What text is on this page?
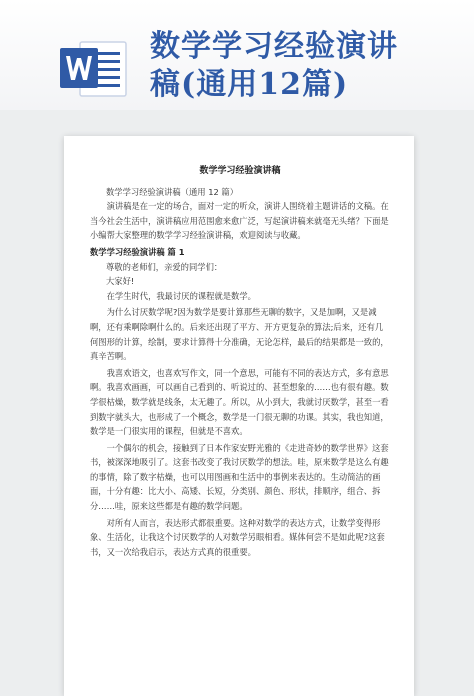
数学学习经验演讲
稿(通用12篇)
数学学习经验演讲稿

数学学习经验演讲稿（通用 12 篇）

演讲稿是在一定的场合，面对一定的听众，演讲人围绕着主题讲话的文稿。在当今社会生活中，演讲稿应用范围愈来愈广泛，写起演讲稿来就毫无头绪？下面是小编帮大家整理的数学学习经验演讲稿，欢迎阅读与收藏。

数学学习经验演讲稿 篇 1

尊敬的老师们，亲爱的同学们：

大家好!

在学生时代，我最讨厌的课程就是数学。

为什么讨厌数学呢?因为数学是要计算那些无聊的数字，又是加啊，又是减啊，还有乘啊除啊什么的。后来还出现了平方、开方更复杂的算法;后来，还有几何图形的计算，绘制，要求计算得十分准确，无论怎样，最后的结果都是一致的，真辛苦啊。

我喜欢语文，也喜欢写作文，同一个意思，可能有不同的表达方式，多有意思啊。我喜欢画画，可以画自己看到的、听说过的、甚至想象的……也有很有趣。数学很枯燥，数学就是线条，太无趣了。所以，从小到大，我就讨厌数学，甚至一看到数字就头大，也形成了一个概念，数学是一门很无聊的功课。其实，我也知道，数学是一门很实用的课程，但就是不喜欢。

一个偶尔的机会，接触到了日本作家安野光雅的《走进奇妙的数学世界》这套书，被深深地吸引了。这套书改变了我讨厌数学的想法。哇，原来数学是这么有趣的事情，除了数字枯燥，也可以用图画和生活中的事例来表达的。生动简洁的画面，十分有趣：比大小、高矮、长短，分类别、颜色、形状，排顺序，组合、拆分……哇，原来这些都是有趣的数学问题。

对所有人而言，表达形式都很重要。这种对数学的表达方式，让数学变得形象、生活化，让我这个讨厌数学的人对数学另眼相看。媒体何尝不是如此呢?这套书，又一次给我启示，表达方式真的很重要。
